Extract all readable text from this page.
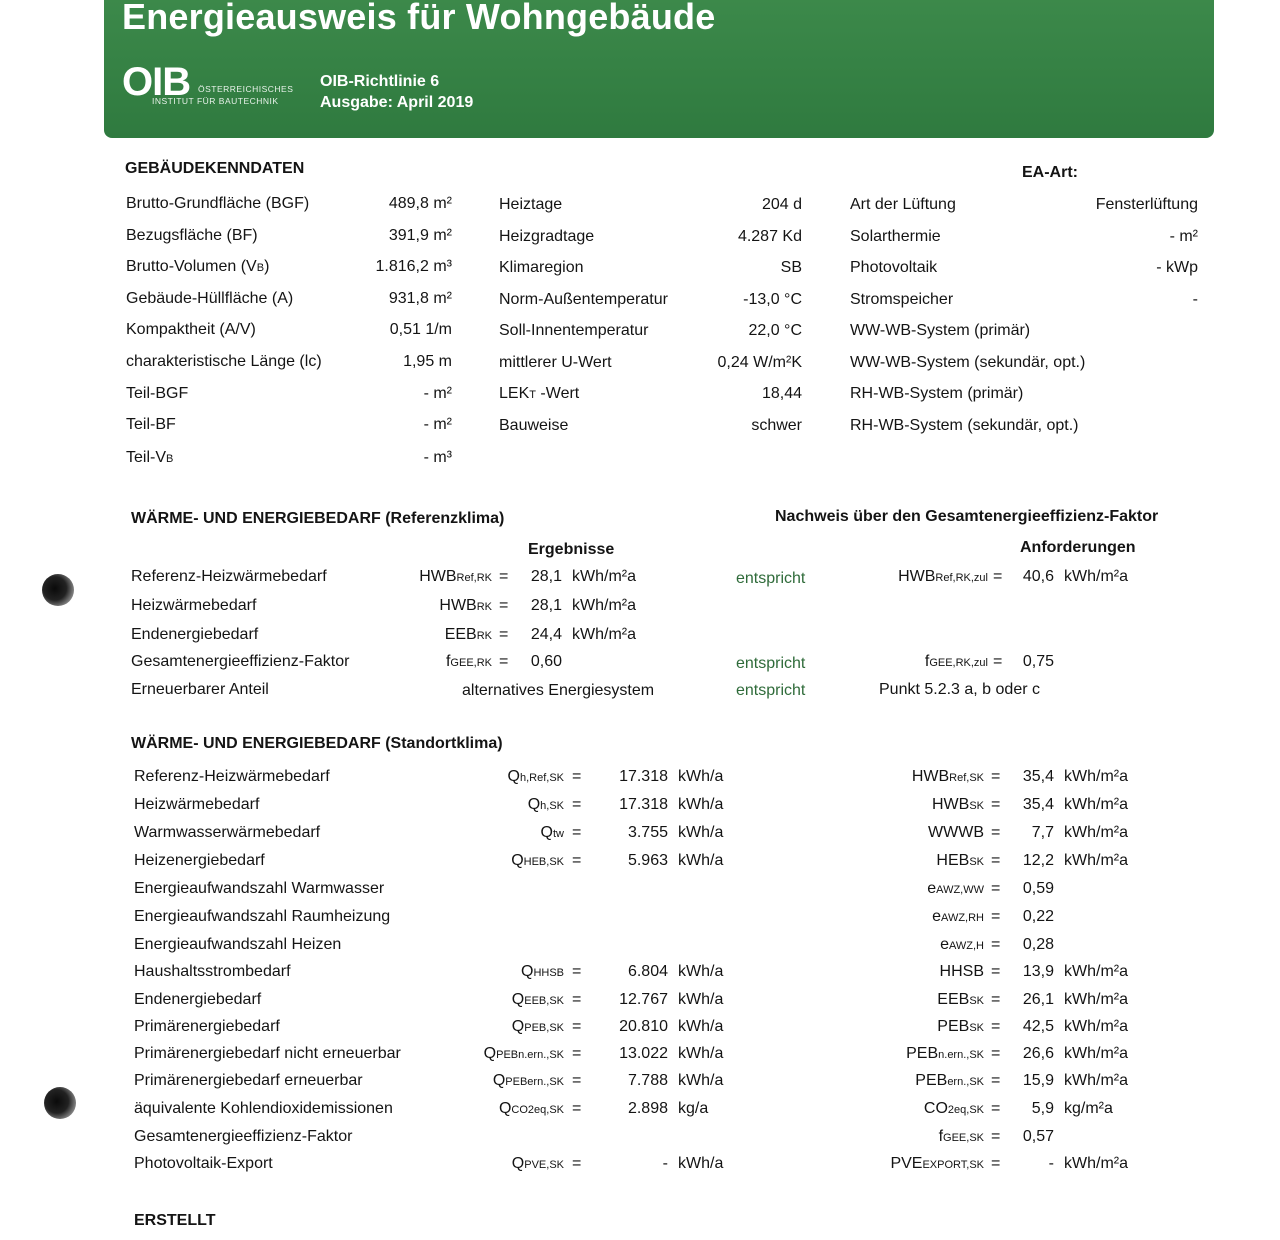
Energieausweis für Wohngebäude
OIB ÖSTERREICHISCHES
INSTITUT FÜR BAUTECHNIK
OIB-Richtlinie 6
Ausgabe: April 2019
GEBÄUDEKENNDATEN	EA-Art:
Brutto-Grundfläche (BGF)	489,8 m²
Bezugsfläche (BF)	391,9 m²
Brutto-Volumen (VB)	1.816,2 m³
Gebäude-Hüllfläche (A)	931,8 m²
Kompaktheit (A/V)	0,51 1/m
charakteristische Länge (lc)	1,95 m
Teil-BGF	- m²
Teil-BF	- m²
Teil-VB	- m³
Heiztage	204 d
Heizgradtage	4.287 Kd
Klimaregion	SB
Norm-Außentemperatur	-13,0 °C
Soll-Innentemperatur	22,0 °C
mittlerer U-Wert	0,24 W/m²K
LEKT -Wert	18,44
Bauweise	schwer
Art der Lüftung	Fensterlüftung
Solarthermie	- m²
Photovoltaik	- kWp
Stromspeicher	-
WW-WB-System (primär)
WW-WB-System (sekundär, opt.)
RH-WB-System (primär)
RH-WB-System (sekundär, opt.)
WÄRME- UND ENERGIEBEDARF (Referenzklima)	Nachweis über den Gesamtenergieeffizienz-Faktor
Ergebnisse	Anforderungen
Referenz-Heizwärmebedarf	HWBRef,RK =	28,1 kWh/m²a	entspricht	HWBRef,RK,zul =	40,6 kWh/m²a
Heizwärmebedarf	HWBRK =	28,1 kWh/m²a
Endenergiebedarf	EEBRK =	24,4 kWh/m²a
Gesamtenergieeffizienz-Faktor	fGEE,RK =	0,60	entspricht	fGEE,RK,zul =	0,75
Erneuerbarer Anteil	alternatives Energiesystem	entspricht	Punkt 5.2.3 a, b oder c
WÄRME- UND ENERGIEBEDARF (Standortklima)
Referenz-Heizwärmebedarf	Qh,Ref,SK =	17.318 kWh/a	HWBRef,SK =	35,4 kWh/m²a
Heizwärmebedarf	Qh,SK =	17.318 kWh/a	HWBSK =	35,4 kWh/m²a
Warmwasserwärmebedarf	Qtw =	3.755 kWh/a	WWWB =	7,7 kWh/m²a
Heizenergiebedarf	QHEB,SK =	5.963 kWh/a	HEBSK =	12,2 kWh/m²a
Energieaufwandszahl Warmwasser	eAWZ,WW =	0,59
Energieaufwandszahl Raumheizung	eAWZ,RH =	0,22
Energieaufwandszahl Heizen	eAWZ,H =	0,28
Haushaltsstrombedarf	QHHSB =	6.804 kWh/a	HHSB =	13,9 kWh/m²a
Endenergiebedarf	QEEB,SK =	12.767 kWh/a	EEBSK =	26,1 kWh/m²a
Primärenergiebedarf	QPEB,SK =	20.810 kWh/a	PEBSK =	42,5 kWh/m²a
Primärenergiebedarf nicht erneuerbar	QPEBn.ern.,SK =	13.022 kWh/a	PEBn.ern.,SK =	26,6 kWh/m²a
Primärenergiebedarf erneuerbar	QPEBern.,SK =	7.788 kWh/a	PEBern.,SK =	15,9 kWh/m²a
äquivalente Kohlendioxidemissionen	QCO2eq,SK =	2.898 kg/a	CO2eq,SK =	5,9 kg/m²a
Gesamtenergieeffizienz-Faktor	fGEE,SK =	0,57
Photovoltaik-Export	QPVE,SK =	- kWh/a	PVEEXPORT,SK =	- kWh/m²a
ERSTELLT
